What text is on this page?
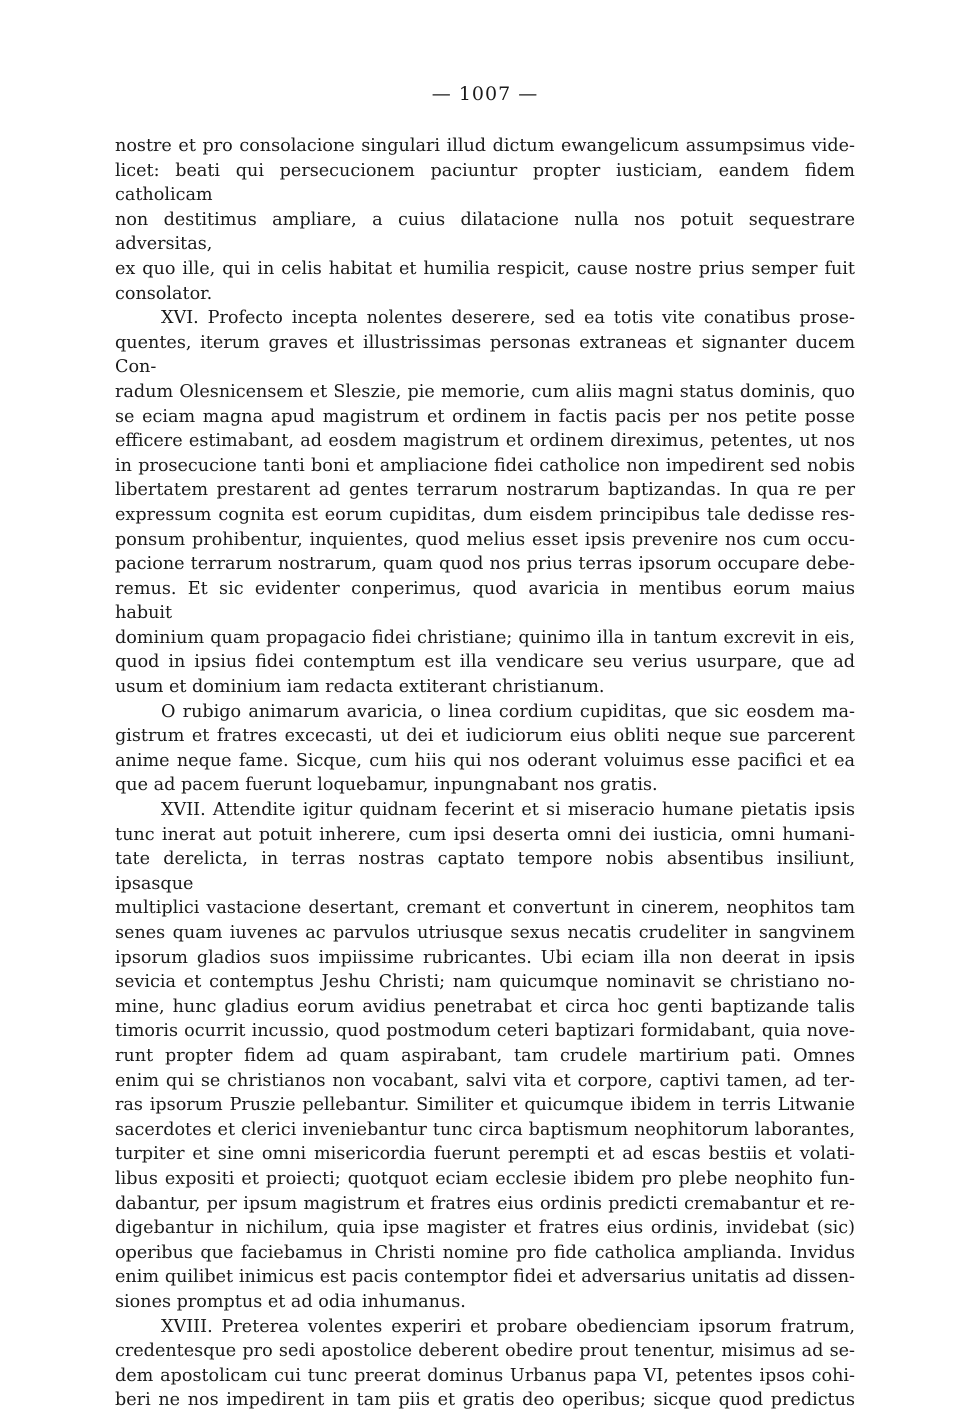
— 1007 —

nostre et pro consolacione singulari illud dictum ewangelicum assumpsimus vide-

licet: beati qui persecucionem paciuntur propter iusticiam, eandem fidem catholicam

non destitimus ampliare, a cuius dilatacione nulla nos potuit sequestrare adversitas,

ex quo ille, qui in celis habitat et humilia respicit, cause nostre prius semper fuit

consolator.

XVI. Profecto incepta nolentes deserere, sed ea totis vite conatibus prose-

quentes, iterum graves et illustrissimas personas extraneas et signanter ducem Con-

radum Olesnicensem et Sleszie, pie memorie, cum aliis magni status dominis, quo

se eciam magna apud magistrum et ordinem in factis pacis per nos petite posse

efficere estimabant, ad eosdem magistrum et ordinem direximus, petentes, ut nos

in prosecucione tanti boni et ampliacione fidei catholice non impedirent sed nobis

libertatem prestarent ad gentes terrarum nostrarum baptizandas. In qua re per

expressum cognita est eorum cupiditas, dum eisdem principibus tale dedisse res-

ponsum prohibentur, inquientes, quod melius esset ipsis prevenire nos cum occu-

pacione terrarum nostrarum, quam quod nos prius terras ipsorum occupare debe-

remus. Et sic evidenter conperimus, quod avaricia in mentibus eorum maius habuit

dominium quam propagacio fidei christiane; quinimo illa in tantum excrevit in eis,

quod in ipsius fidei contemptum est illa vendicare seu verius usurpare, que ad

usum et dominium iam redacta extiterant christianum.

O rubigo animarum avaricia, o linea cordium cupiditas, que sic eosdem ma-

gistrum et fratres excecasti, ut dei et iudiciorum eius obliti neque sue parcerent

anime neque fame. Sicque, cum hiis qui nos oderant voluimus esse pacifici et ea

que ad pacem fuerunt loquebamur, inpungnabant nos gratis.

XVII. Attendite igitur quidnam fecerint et si miseracio humane pietatis ipsis

tunc inerat aut potuit inherere, cum ipsi deserta omni dei iusticia, omni humani-

tate derelicta, in terras nostras captato tempore nobis absentibus insiliunt, ipsasque

multiplici vastacione desertant, cremant et convertunt in cinerem, neophitos tam

senes quam iuvenes ac parvulos utriusque sexus necatis crudeliter in sangvinem

ipsorum gladios suos impiissime rubricantes. Ubi eciam illa non deerat in ipsis

sevicia et contemptus Jeshu Christi; nam quicumque nominavit se christiano no-

mine, hunc gladius eorum avidius penetrabat et circa hoc genti baptizande talis

timoris ocurrit incussio, quod postmodum ceteri baptizari formidabant, quia nove-

runt propter fidem ad quam aspirabant, tam crudele martirium pati. Omnes

enim qui se christianos non vocabant, salvi vita et corpore, captivi tamen, ad ter-

ras ipsorum Pruszie pellebantur. Similiter et quicumque ibidem in terris Litwanie

sacerdotes et clerici inveniebantur tunc circa baptismum neophitorum laborantes,

turpiter et sine omni misericordia fuerunt perempti et ad escas bestiis et volati-

libus expositi et proiecti; quotquot eciam ecclesie ibidem pro plebe neophito fun-

dabantur, per ipsum magistrum et fratres eius ordinis predicti cremabantur et re-

digebantur in nichilum, quia ipse magister et fratres eius ordinis, invidebat (sic)

operibus que faciebamus in Christi nomine pro fide catholica amplianda. Invidus

enim quilibet inimicus est pacis contemptor fidei et adversarius unitatis ad dissen-

siones promptus et ad odia inhumanus.

XVIII. Preterea volentes experiri et probare obedienciam ipsorum fratrum,

credentesque pro sedi apostolice deberent obedire prout tenentur, misimus ad se-

dem apostolicam cui tunc preerat dominus Urbanus papa VI, petentes ipsos cohi-

beri ne nos impedirent in tam piis et gratis deo operibus; sicque quod predictus
